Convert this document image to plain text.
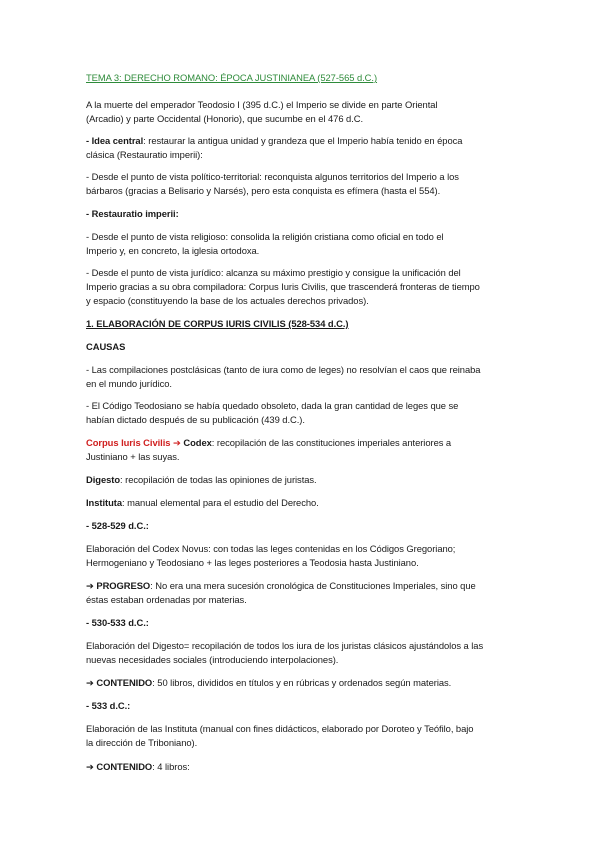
TEMA 3: DERECHO ROMANO: ÉPOCA JUSTINIANEA (527-565 d.C.)
A la muerte del emperador Teodosio I (395 d.C.) el Imperio se divide en parte Oriental
(Arcadio) y parte Occidental (Honorio), que sucumbe en el 476 d.C.
- Idea central: restaurar la antigua unidad y grandeza que el Imperio había tenido en época
clásica (Restauratio imperii):
- Desde el punto de vista político-territorial: reconquista algunos territorios del Imperio a los
bárbaros (gracias a Belisario y Narsés), pero esta conquista es efímera (hasta el 554).
- Restauratio imperii:
- Desde el punto de vista religioso: consolida la religión cristiana como oficial en todo el
Imperio y, en concreto, la iglesia ortodoxa.
- Desde el punto de vista jurídico: alcanza su máximo prestigio y consigue la unificación del
Imperio gracias a su obra compiladora: Corpus Iuris Civilis, que trascenderá fronteras de tiempo
y espacio (constituyendo la base de los actuales derechos privados).
1. ELABORACIÓN DE CORPUS IURIS CIVILIS (528-534 d.C.)
CAUSAS
- Las compilaciones postclásicas (tanto de iura como de leges) no resolvían el caos que reinaba
en el mundo jurídico.
- El Código Teodosiano se había quedado obsoleto, dada la gran cantidad de leges que se
habían dictado después de su publicación (439 d.C.).
Corpus Iuris Civilis ➔ Codex: recopilación de las constituciones imperiales anteriores a
Justiniano + las suyas.
Digesto: recopilación de todas las opiniones de juristas.
Instituta: manual elemental para el estudio del Derecho.
- 528-529 d.C.:
Elaboración del Codex Novus: con todas las leges contenidas en los Códigos Gregoriano;
Hermogeniano y Teodosiano + las leges posteriores a Teodosia hasta Justiniano.
➔ PROGRESO: No era una mera sucesión cronológica de Constituciones Imperiales, sino que
éstas estaban ordenadas por materias.
- 530-533 d.C.:
Elaboración del Digesto= recopilación de todos los iura de los juristas clásicos ajustándolos a las
nuevas necesidades sociales (introduciendo interpolaciones).
➔ CONTENIDO: 50 libros, divididos en títulos y en rúbricas y ordenados según materias.
- 533 d.C.:
Elaboración de las Instituta (manual con fines didácticos, elaborado por Doroteo y Teófilo, bajo
la dirección de Triboniano).
➔ CONTENIDO: 4 libros:
